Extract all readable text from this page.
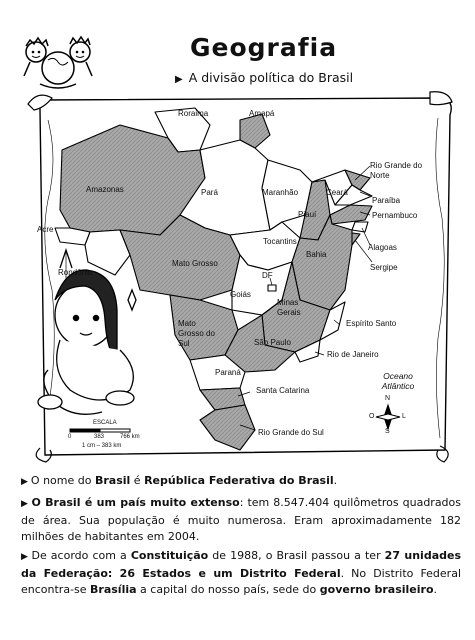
Geografia
▶ A divisão política do Brasil
Roraima	Amapá
Amazonas	Pará	Maranhão	Ceará
Rio Grande do Norte
Paraíba
Pernambuco
Piauí
Acre
Tocantins
Alagoas
Sergipe
Bahia
Rondônia
Mato Grosso
DF
Goiás
Minas Gerais
Espírito Santo
Mato Grosso do Sul	São Paulo
Rio de Janeiro
Paraná
Santa Catarina
Rio Grande do Sul
Oceano Atlântico
N
S
L
O
ESCALA
0	383	766 km
1 cm – 383 km
▶ O nome do Brasil é República Federativa do Brasil.
▶ O Brasil é um país muito extenso: tem 8.547.404 quilômetros quadrados de área. Sua população é muito numerosa. Eram aproximadamente 182 milhões de habitantes em 2004.
▶ De acordo com a Constituição de 1988, o Brasil passou a ter 27 unidades da Federação: 26 Estados e um Distrito Federal. No Distrito Federal encontra-se Brasília a capital do nosso país, sede do governo brasileiro.
